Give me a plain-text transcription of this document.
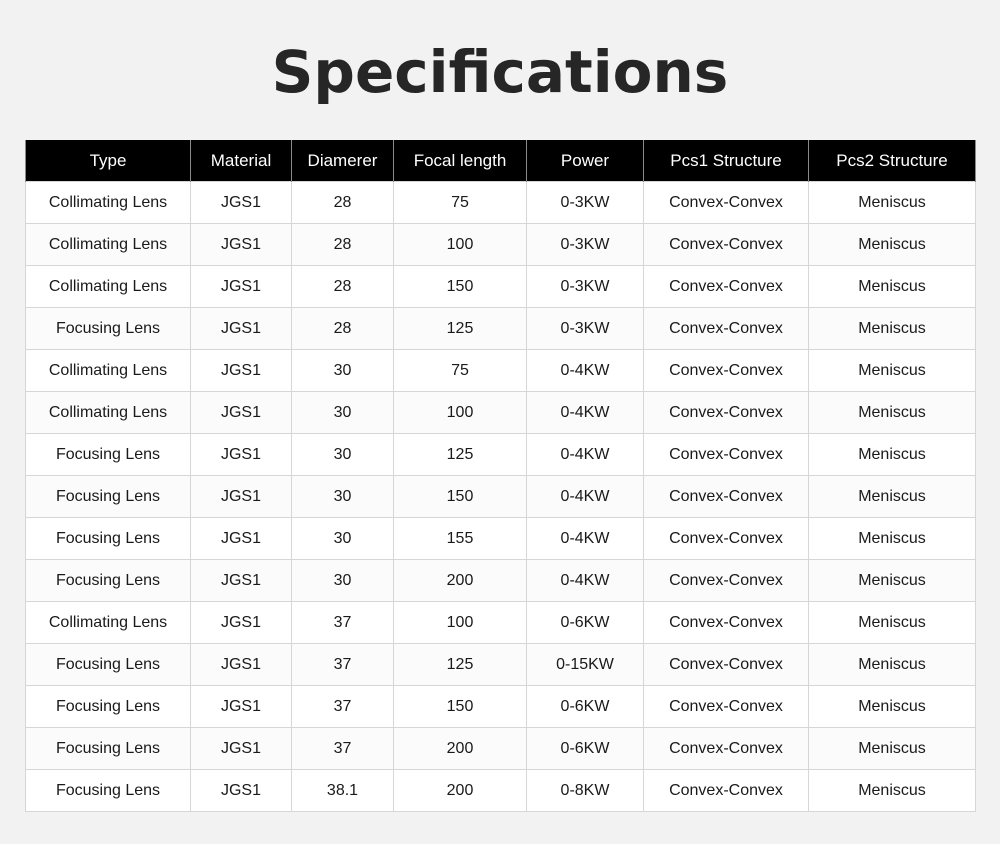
Specifications
Type	Material	Diamerer	Focal length	Power	Pcs1 Structure	Pcs2 Structure
Collimating Lens	JGS1	28	75	0-3KW	Convex-Convex	Meniscus
Collimating Lens	JGS1	28	100	0-3KW	Convex-Convex	Meniscus
Collimating Lens	JGS1	28	150	0-3KW	Convex-Convex	Meniscus
Focusing Lens	JGS1	28	125	0-3KW	Convex-Convex	Meniscus
Collimating Lens	JGS1	30	75	0-4KW	Convex-Convex	Meniscus
Collimating Lens	JGS1	30	100	0-4KW	Convex-Convex	Meniscus
Focusing Lens	JGS1	30	125	0-4KW	Convex-Convex	Meniscus
Focusing Lens	JGS1	30	150	0-4KW	Convex-Convex	Meniscus
Focusing Lens	JGS1	30	155	0-4KW	Convex-Convex	Meniscus
Focusing Lens	JGS1	30	200	0-4KW	Convex-Convex	Meniscus
Collimating Lens	JGS1	37	100	0-6KW	Convex-Convex	Meniscus
Focusing Lens	JGS1	37	125	0-15KW	Convex-Convex	Meniscus
Focusing Lens	JGS1	37	150	0-6KW	Convex-Convex	Meniscus
Focusing Lens	JGS1	37	200	0-6KW	Convex-Convex	Meniscus
Focusing Lens	JGS1	38.1	200	0-8KW	Convex-Convex	Meniscus
